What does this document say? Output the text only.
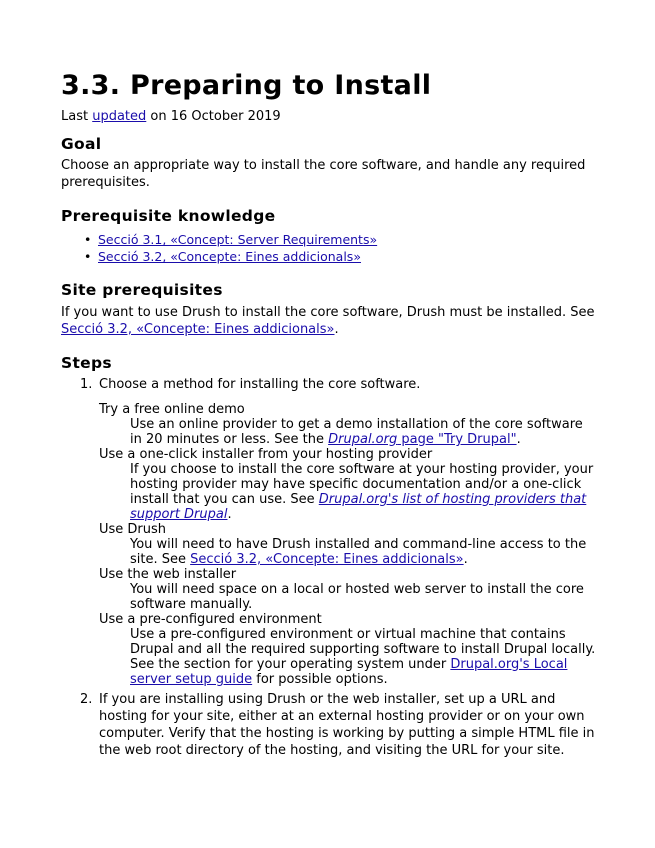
3.3. Preparing to Install
Last updated on 16 October 2019
Goal

Choose an appropriate way to install the core software, and handle any required prerequisites.

Prerequisite knowledge
• Secció 3.1, «Concept: Server Requirements»
• Secció 3.2, «Concepte: Eines addicionals»
Site prerequisites

If you want to use Drush to install the core software, Drush must be installed. See Secció 3.2, «Concepte: Eines addicionals».

Steps
1. Choose a method for installing the core software.
Try a free online demo
Use an online provider to get a demo installation of the core software in 20 minutes or less. See the Drupal.org page "Try Drupal".
Use a one-click installer from your hosting provider
If you choose to install the core software at your hosting provider, your hosting provider may have specific documentation and/or a one-click install that you can use. See Drupal.org's list of hosting providers that support Drupal.
Use Drush
You will need to have Drush installed and command-line access to the site. See Secció 3.2, «Concepte: Eines addicionals».
Use the web installer
You will need space on a local or hosted web server to install the core software manually.
Use a pre-configured environment
Use a pre-configured environment or virtual machine that contains Drupal and all the required supporting software to install Drupal locally. See the section for your operating system under Drupal.org's Local server setup guide for possible options.
2. If you are installing using Drush or the web installer, set up a URL and hosting for your site, either at an external hosting provider or on your own computer. Verify that the hosting is working by putting a simple HTML file in the web root directory of the hosting, and visiting the URL for your site.
